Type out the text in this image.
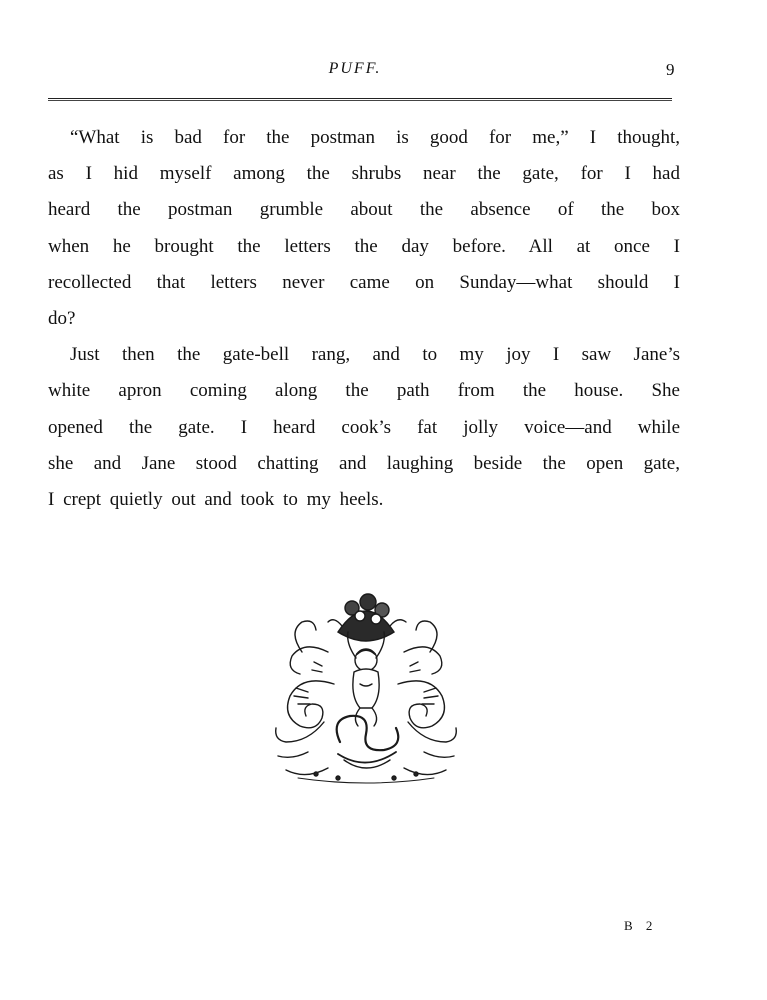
PUFF.	9

“What is bad for the postman is good for me,” I thought,
as I hid myself among the shrubs near the gate, for I had
heard the postman grumble about the absence of the box
when he brought the letters the day before. All at once I
recollected that letters never came on Sunday—what should I
do?

Just then the gate-bell rang, and to my joy I saw Jane’s
white apron coming along the path from the house. She
opened the gate. I heard cook’s fat jolly voice—and while
she and Jane stood chatting and laughing beside the open gate,
I crept quietly out and took to my heels.

B 2
